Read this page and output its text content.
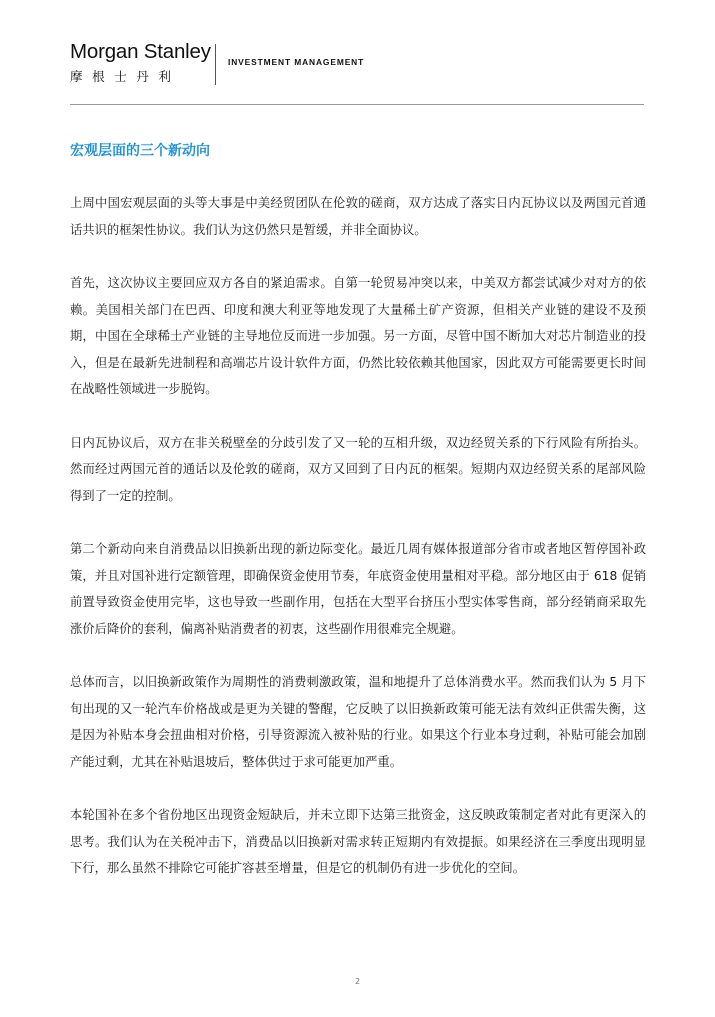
Morgan Stanley
摩根士丹利
INVESTMENT MANAGEMENT
宏观层面的三个新动向

上周中国宏观层面的头等大事是中美经贸团队在伦敦的磋商，双方达成了落实日内瓦协议以及两国元首通话共识的框架性协议。我们认为这仍然只是暂缓，并非全面协议。

首先，这次协议主要回应双方各自的紧迫需求。自第一轮贸易冲突以来，中美双方都尝试减少对对方的依赖。美国相关部门在巴西、印度和澳大利亚等地发现了大量稀土矿产资源，但相关产业链的建设不及预期，中国在全球稀土产业链的主导地位反而进一步加强。另一方面，尽管中国不断加大对芯片制造业的投入，但是在最新先进制程和高端芯片设计软件方面，仍然比较依赖其他国家，因此双方可能需要更长时间在战略性领域进一步脱钩。

日内瓦协议后，双方在非关税壁垒的分歧引发了又一轮的互相升级，双边经贸关系的下行风险有所抬头。然而经过两国元首的通话以及伦敦的磋商，双方又回到了日内瓦的框架。短期内双边经贸关系的尾部风险得到了一定的控制。

第二个新动向来自消费品以旧换新出现的新边际变化。最近几周有媒体报道部分省市或者地区暂停国补政策，并且对国补进行定额管理，即确保资金使用节奏，年底资金使用量相对平稳。部分地区由于 618 促销前置导致资金使用完毕，这也导致一些副作用，包括在大型平台挤压小型实体零售商，部分经销商采取先涨价后降价的套利，偏离补贴消费者的初衷，这些副作用很难完全规避。

总体而言，以旧换新政策作为周期性的消费刺激政策，温和地提升了总体消费水平。然而我们认为 5 月下旬出现的又一轮汽车价格战或是更为关键的警醒，它反映了以旧换新政策可能无法有效纠正供需失衡，这是因为补贴本身会扭曲相对价格，引导资源流入被补贴的行业。如果这个行业本身过剩，补贴可能会加剧产能过剩，尤其在补贴退坡后，整体供过于求可能更加严重。

本轮国补在多个省份地区出现资金短缺后，并未立即下达第三批资金，这反映政策制定者对此有更深入的思考。我们认为在关税冲击下，消费品以旧换新对需求转正短期内有效提振。如果经济在三季度出现明显下行，那么虽然不排除它可能扩容甚至增量，但是它的机制仍有进一步优化的空间。

2
